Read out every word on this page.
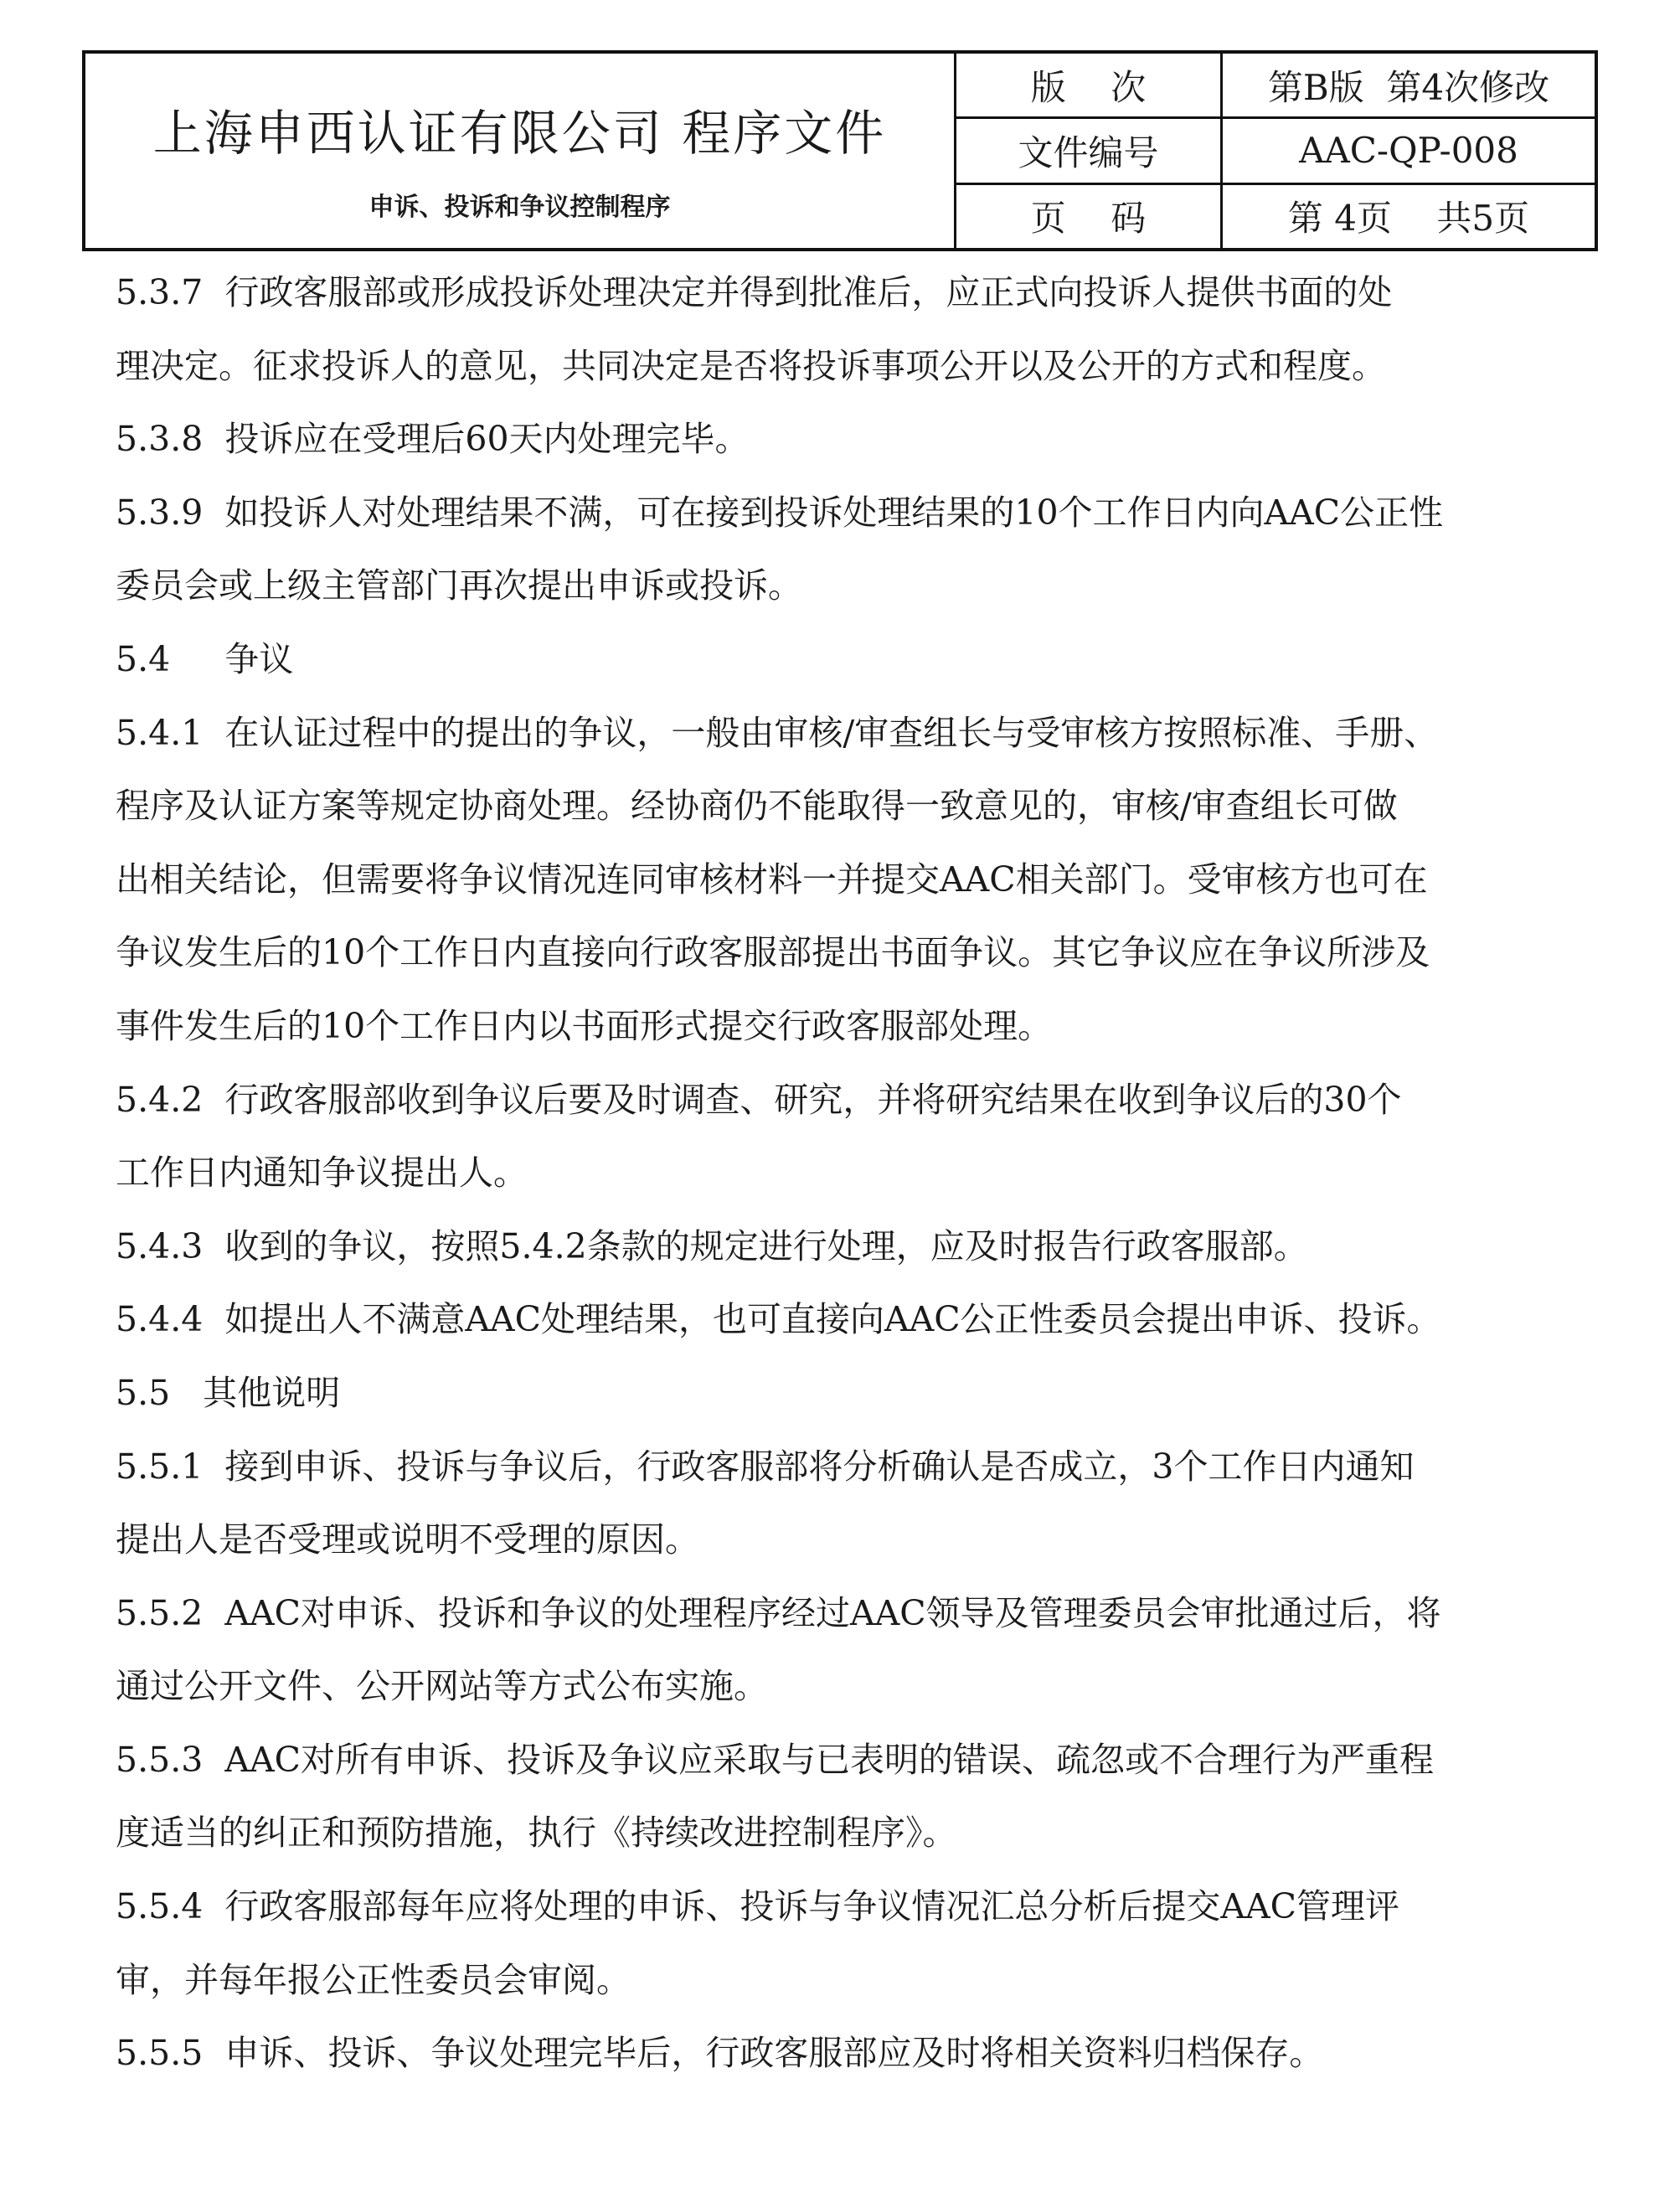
上海申西认证有限公司 程序文件
申诉、投诉和争议控制程序
版    次	第B版  第4次修改
文件编号	AAC-QP-008
页    码	第 4页    共5页
5.3.7  行政客服部或形成投诉处理决定并得到批准后，应正式向投诉人提供书面的处
理决定。征求投诉人的意见，共同决定是否将投诉事项公开以及公开的方式和程度。
5.3.8  投诉应在受理后60天内处理完毕。
5.3.9  如投诉人对处理结果不满，可在接到投诉处理结果的10个工作日内向AAC公正性
委员会或上级主管部门再次提出申诉或投诉。
5.4     争议
5.4.1  在认证过程中的提出的争议，一般由审核/审查组长与受审核方按照标准、手册、
程序及认证方案等规定协商处理。经协商仍不能取得一致意见的，审核/审查组长可做
出相关结论，但需要将争议情况连同审核材料一并提交AAC相关部门。受审核方也可在
争议发生后的10个工作日内直接向行政客服部提出书面争议。其它争议应在争议所涉及
事件发生后的10个工作日内以书面形式提交行政客服部处理。
5.4.2  行政客服部收到争议后要及时调查、研究，并将研究结果在收到争议后的30个
工作日内通知争议提出人。
5.4.3  收到的争议，按照5.4.2条款的规定进行处理，应及时报告行政客服部。
5.4.4  如提出人不满意AAC处理结果，也可直接向AAC公正性委员会提出申诉、投诉。
5.5   其他说明
5.5.1  接到申诉、投诉与争议后，行政客服部将分析确认是否成立，3个工作日内通知
提出人是否受理或说明不受理的原因。
5.5.2  AAC对申诉、投诉和争议的处理程序经过AAC领导及管理委员会审批通过后，将
通过公开文件、公开网站等方式公布实施。
5.5.3  AAC对所有申诉、投诉及争议应采取与已表明的错误、疏忽或不合理行为严重程
度适当的纠正和预防措施，执行《持续改进控制程序》。
5.5.4  行政客服部每年应将处理的申诉、投诉与争议情况汇总分析后提交AAC管理评
审，并每年报公正性委员会审阅。
5.5.5  申诉、投诉、争议处理完毕后，行政客服部应及时将相关资料归档保存。
